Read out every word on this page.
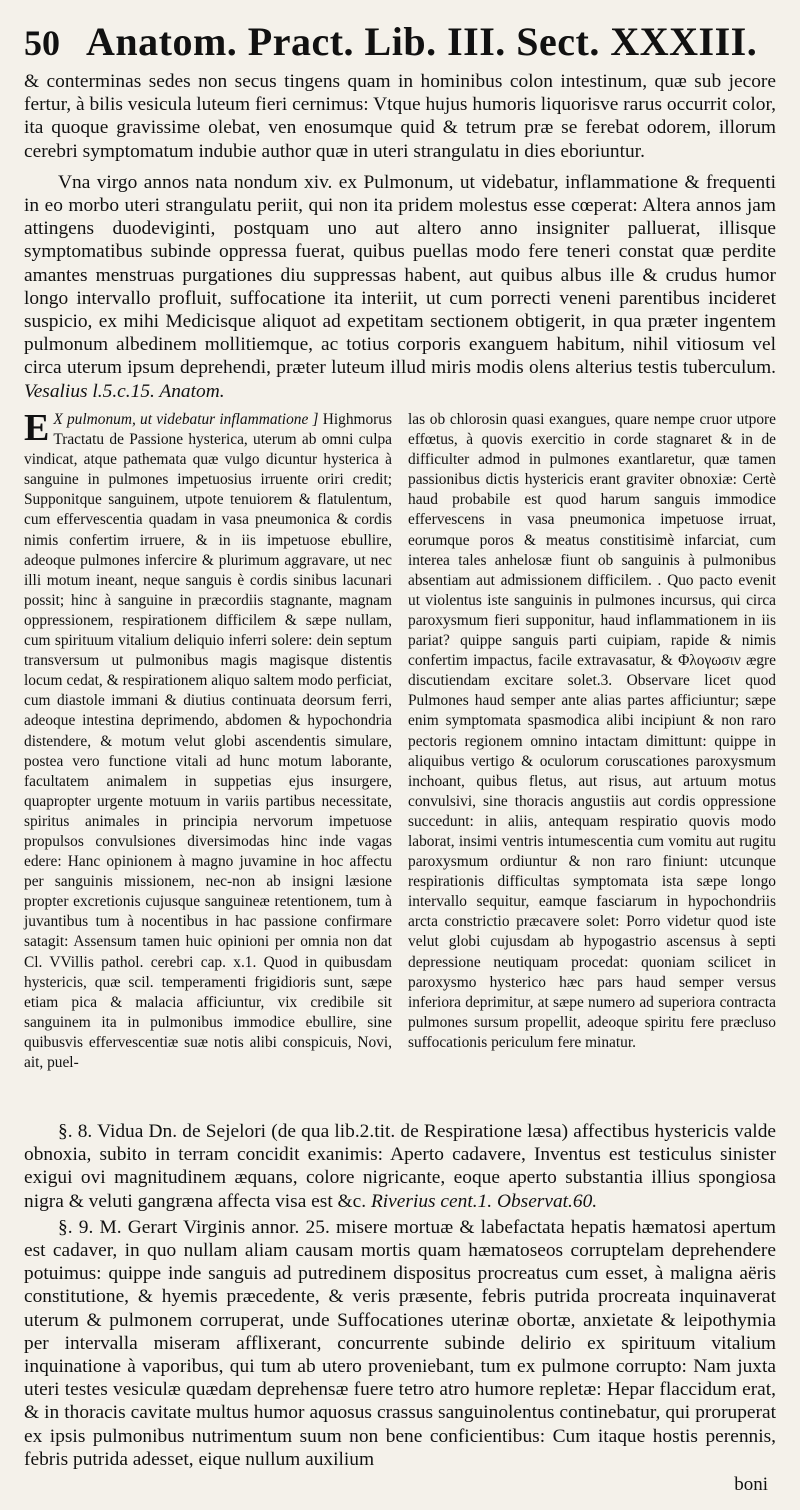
50 Anatom. Pract. Lib. III. Sect. XXXIII.

& conterminas sedes non secus tingens quam in hominibus colon intestinum, quæ sub jecore fertur, à bilis vesicula luteum fieri cernimus: Vtque hujus humoris liquorisve rarus occurrit color, ita quoque gravissime olebat, ven enosumque quid & tetrum præ se ferebat odorem, illorum cerebri symptomatum indubie author quæ in uteri strangulatu in dies eboriuntur.

Vna virgo annos nata nondum xiv. ex Pulmonum, ut videbatur, inflammatione & frequenti in eo morbo uteri strangulatu periit, qui non ita pridem molestus esse cœperat: Altera annos jam attingens duodeviginti, postquam uno aut altero anno insigniter palluerat, illisque symptomatibus subinde oppressa fuerat, quibus puellas modo fere teneri constat quæ perdite amantes menstruas purgationes diu suppressas habent, aut quibus albus ille & crudus humor longo intervallo profluit, suffocatione ita interiit, ut cum porrecti veneni parentibus incideret suspicio, ex mihi Medicisque aliquot ad expetitam sectionem obtigerit, in qua præter ingentem pulmonum albedinem mollitiemque, ac totius corporis exanguem habitum, nihil vitiosum vel circa uterum ipsum deprehendi, præter luteum illud miris modis olens alterius testis tuberculum. Vesalius l.5.c.15. Anatom.

E X pulmonum, ut videbatur inflammatione ] Highmorus Tractatu de Passione hysterica, uterum ab omni culpa vindicat, atque pathemata quæ vulgo dicuntur hysterica à sanguine in pulmones impetuosius irruente oriri credit; Supponitque sanguinem, utpote tenuiorem & flatulentum, cum effervescentia quadam in vasa pneumonica & cordis nimis confertim irruere, & in iis impetuose ebullire, adeoque pulmones infercire & plurimum aggravare, ut nec illi motum ineant, neque sanguis è cordis sinibus lacunari possit; hinc à sanguine in præcordiis stagnante, magnam oppressionem, respirationem difficilem & sæpe nullam, cum spirituum vitalium deliquio inferri solere: dein septum transversum ut pulmonibus magis magisque distentis locum cedat, & respirationem aliquo saltem modo perficiat, cum diastole immani & diutius continuata deorsum ferri, adeoque intestina deprimendo, abdomen & hypochondria distendere, & motum velut globi ascendentis simulare, postea vero functione vitali ad hunc motum laborante, facultatem animalem in suppetias ejus insurgere, quapropter urgente motuum in variis partibus necessitate, spiritus animales in principia nervorum impetuose propulsos convulsiones diversimodas hinc inde vagas edere: Hanc opinionem à magno juvamine in hoc affectu per sanguinis missionem, nec-non ab insigni læsione propter excretionis cujusque sanguineæ retentionem, tum à juvantibus tum à nocentibus in hac passione confirmare satagit: Assensum tamen huic opinioni per omnia non dat Cl. VVillis pathol. cerebri cap. x.1. Quod in quibusdam hystericis, quæ scil. temperamenti frigidioris sunt, sæpe etiam pica & malacia afficiuntur, vix credibile sit sanguinem ita in pulmonibus immodice ebullire, sine quibusvis effervescentiæ suæ notis alibi conspicuis, Novi, ait, puel-

las ob chlorosin quasi exangues, quare nempe cruor utpore effœtus, à quovis exercitio in corde stagnaret & in de difficulter admod in pulmones exantlaretur, quæ tamen passionibus dictis hystericis erant graviter obnoxiæ: Certè haud probabile est quod harum sanguis immodice effervescens in vasa pneumonica impetuose irruat, eorumque poros & meatus constitisimè infarciat, cum interea tales anhelosæ fiunt ob sanguinis à pulmonibus absentiam aut admissionem difficilem. . Quo pacto evenit ut violentus iste sanguinis in pulmones incursus, qui circa paroxysmum fieri supponitur, haud inflammationem in iis pariat? quippe sanguis parti cuipiam, rapide & nimis confertim impactus, facile extravasatur, & Φλογωσιν ægre discutiendam excitare solet.3. Observare licet quod Pulmones haud semper ante alias partes afficiuntur; sæpe enim symptomata spasmodica alibi incipiunt & non raro pectoris regionem omnino intactam dimittunt: quippe in aliquibus vertigo & oculorum coruscationes paroxysmum inchoant, quibus fletus, aut risus, aut artuum motus convulsivi, sine thoracis angustiis aut cordis oppressione succedunt: in aliis, antequam respiratio quovis modo laborat, insimi ventris intumescentia cum vomitu aut rugitu paroxysmum ordiuntur & non raro finiunt: utcunque respirationis difficultas symptomata ista sæpe longo intervallo sequitur, eamque fasciarum in hypochondriis arcta constrictio præcavere solet: Porro videtur quod iste velut globi cujusdam ab hypogastrio ascensus à septi depressione neutiquam procedat: quoniam scilicet in paroxysmo hysterico hæc pars haud semper versus inferiora deprimitur, at sæpe numero ad superiora contracta pulmones sursum propellit, adeoque spiritu fere præcluso suffocationis periculum fere minatur.

§. 8. Vidua Dn. de Sejelori (de qua lib.2.tit. de Respiratione læsa) affectibus hystericis valde obnoxia, subito in terram concidit exanimis: Aperto cadavere, Inventus est testiculus sinister exigui ovi magnitudinem æquans, colore nigricante, eoque aperto substantia illius spongiosa nigra & veluti gangræna affecta visa est &c. Riverius cent.1. Observat.60.

§. 9. M. Gerart Virginis annor. 25. misere mortuæ & labefactata hepatis hæmatosi apertum est cadaver, in quo nullam aliam causam mortis quam hæmatoseos corruptelam deprehendere potuimus: quippe inde sanguis ad putredinem dispositus procreatus cum esset, à maligna aëris constitutione, & hyemis præcedente, & veris præsente, febris putrida procreata inquinaverat uterum & pulmonem corruperat, unde Suffocationes uterinæ obortæ, anxietate & leipothymia per intervalla miseram afflixerant, concurrente subinde delirio ex spirituum vitalium inquinatione à vaporibus, qui tum ab utero proveniebant, tum ex pulmone corrupto: Nam juxta uteri testes vesiculæ quædam deprehensæ fuere tetro atro humore repletæ: Hepar flaccidum erat, & in thoracis cavitate multus humor aquosus crassus sanguinolentus continebatur, qui proruperat ex ipsis pulmonibus nutrimentum suum non bene conficientibus: Cum itaque hostis perennis, febris putrida adesset, eique nullum auxilium

boni
